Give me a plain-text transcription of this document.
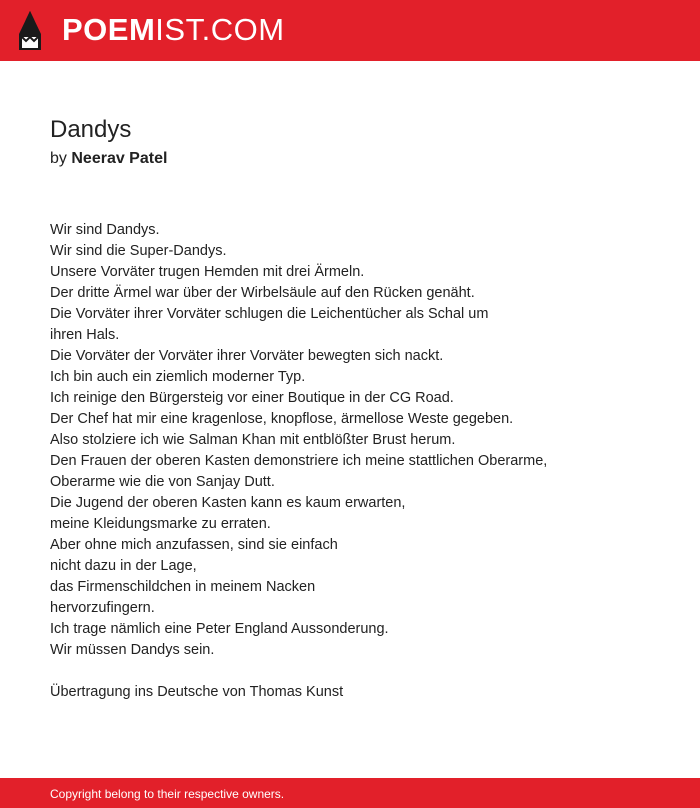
POEM IST.COM
Dandys
by Neerav Patel
Wir sind Dandys.
Wir sind die Super-Dandys.
Unsere Vorväter trugen Hemden mit drei Ärmeln.
Der dritte Ärmel war über der Wirbelsäule auf den Rücken genäht.
Die Vorväter ihrer Vorväter schlugen die Leichentücher als Schal um
ihren Hals.
Die Vorväter der Vorväter ihrer Vorväter bewegten sich nackt.
Ich bin auch ein ziemlich moderner Typ.
Ich reinige den Bürgersteig vor einer Boutique in der CG Road.
Der Chef hat mir eine kragenlose, knopflose, ärmellose Weste gegeben.
Also stolziere ich wie Salman Khan mit entblößter Brust herum.
Den Frauen der oberen Kasten demonstriere ich meine stattlichen Oberarme,
Oberarme wie die von Sanjay Dutt.
Die Jugend der oberen Kasten kann es kaum erwarten,
meine Kleidungsmarke zu erraten.
Aber ohne mich anzufassen, sind sie einfach
nicht dazu in der Lage,
das Firmenschildchen in meinem Nacken
hervorzufingern.
Ich trage nämlich eine Peter England Aussonderung.
Wir müssen Dandys sein.
Übertragung ins Deutsche von Thomas Kunst
Copyright belong to their respective owners.
